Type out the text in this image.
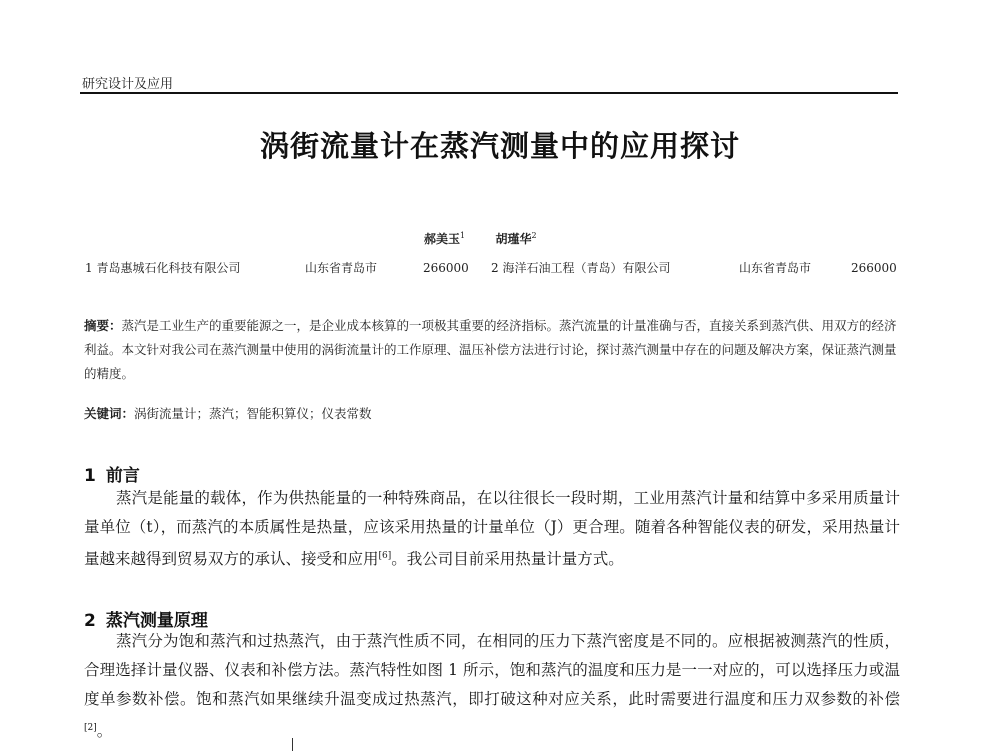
研究设计及应用
涡街流量计在蒸汽测量中的应用探讨
郝美玉$^1$	胡瑾华$^2$
1 青岛惠城石化科技有限公司	山东省青岛市	266000 2 海洋石油工程（青岛）有限公司	山东省青岛市	266000
摘要：蒸汽是工业生产的重要能源之一，是企业成本核算的一项极其重要的经济指标。蒸汽流量的计量准确与否，直接关系到蒸汽供、用双方的经济利益。本文针对我公司在蒸汽测量中使用的涡街流量计的工作原理、温压补偿方法进行讨论，探讨蒸汽测量中存在的问题及解决方案，保证蒸汽测量的精度。
关键词：涡街流量计；蒸汽；智能积算仪；仪表常数
1 前言
蒸汽是能量的载体，作为供热能量的一种特殊商品，在以往很长一段时期，工业用蒸汽计量和结算中多采用质量计量单位（t），而蒸汽的本质属性是热量，应该采用热量的计量单位（J）更合理。随着各种智能仪表的研发，采用热量计量越来越得到贸易双方的承认、接受和应用[6]。我公司目前采用热量计量方式。
2 蒸汽测量原理
蒸汽分为饱和蒸汽和过热蒸汽，由于蒸汽性质不同，在相同的压力下蒸汽密度是不同的。应根据被测蒸汽的性质，合理选择计量仪器、仪表和补偿方法。蒸汽特性如图 1 所示，饱和蒸汽的温度和压力是一一对应的，可以选择压力或温度单参数补偿。饱和蒸汽如果继续升温变成过热蒸汽，即打破这种对应关系，此时需要进行温度和压力双参数的补偿[2]。
